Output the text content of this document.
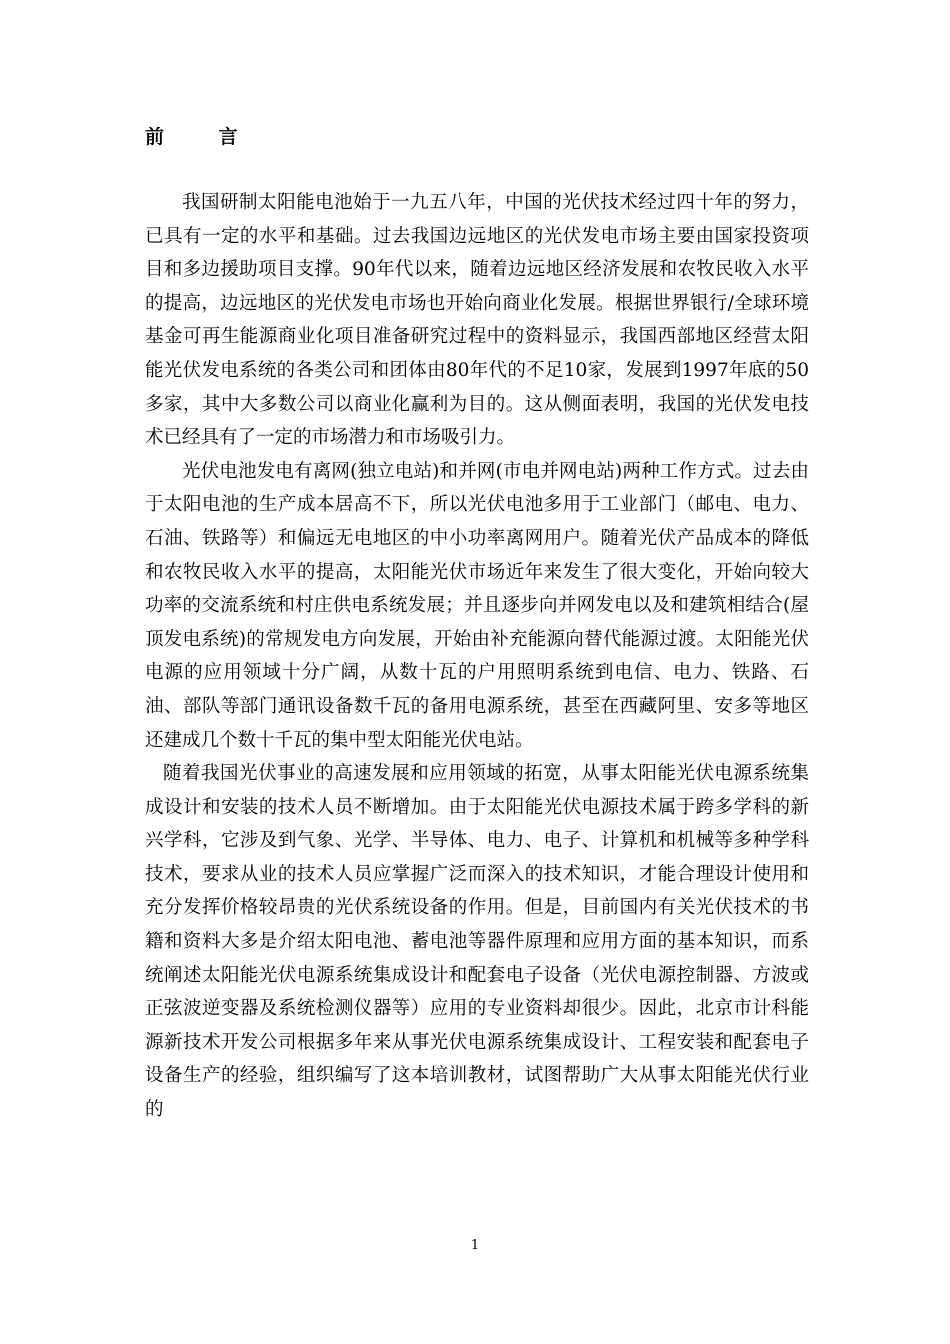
前 言

我国研制太阳能电池始于一九五八年，中国的光伏技术经过四十年的努力，已具有一定的水平和基础。过去我国边远地区的光伏发电市场主要由国家投资项目和多边援助项目支撑。90年代以来，随着边远地区经济发展和农牧民收入水平的提高，边远地区的光伏发电市场也开始向商业化发展。根据世界银行/全球环境基金可再生能源商业化项目准备研究过程中的资料显示，我国西部地区经营太阳能光伏发电系统的各类公司和团体由80年代的不足10家，发展到1997年底的50多家，其中大多数公司以商业化赢利为目的。这从侧面表明，我国的光伏发电技术已经具有了一定的市场潜力和市场吸引力。

光伏电池发电有离网(独立电站)和并网(市电并网电站)两种工作方式。过去由于太阳电池的生产成本居高不下，所以光伏电池多用于工业部门（邮电、电力、石油、铁路等）和偏远无电地区的中小功率离网用户。随着光伏产品成本的降低和农牧民收入水平的提高，太阳能光伏市场近年来发生了很大变化，开始向较大功率的交流系统和村庄供电系统发展；并且逐步向并网发电以及和建筑相结合(屋顶发电系统)的常规发电方向发展，开始由补充能源向替代能源过渡。太阳能光伏电源的应用领域十分广阔，从数十瓦的户用照明系统到电信、电力、铁路、石油、部队等部门通讯设备数千瓦的备用电源系统，甚至在西藏阿里、安多等地区还建成几个数十千瓦的集中型太阳能光伏电站。

随着我国光伏事业的高速发展和应用领域的拓宽，从事太阳能光伏电源系统集成设计和安装的技术人员不断增加。由于太阳能光伏电源技术属于跨多学科的新兴学科，它涉及到气象、光学、半导体、电力、电子、计算机和机械等多种学科技术，要求从业的技术人员应掌握广泛而深入的技术知识，才能合理设计使用和充分发挥价格较昂贵的光伏系统设备的作用。但是，目前国内有关光伏技术的书籍和资料大多是介绍太阳电池、蓄电池等器件原理和应用方面的基本知识，而系统阐述太阳能光伏电源系统集成设计和配套电子设备（光伏电源控制器、方波或正弦波逆变器及系统检测仪器等）应用的专业资料却很少。因此，北京市计科能源新技术开发公司根据多年来从事光伏电源系统集成设计、工程安装和配套电子设备生产的经验，组织编写了这本培训教材，试图帮助广大从事太阳能光伏行业的

1
